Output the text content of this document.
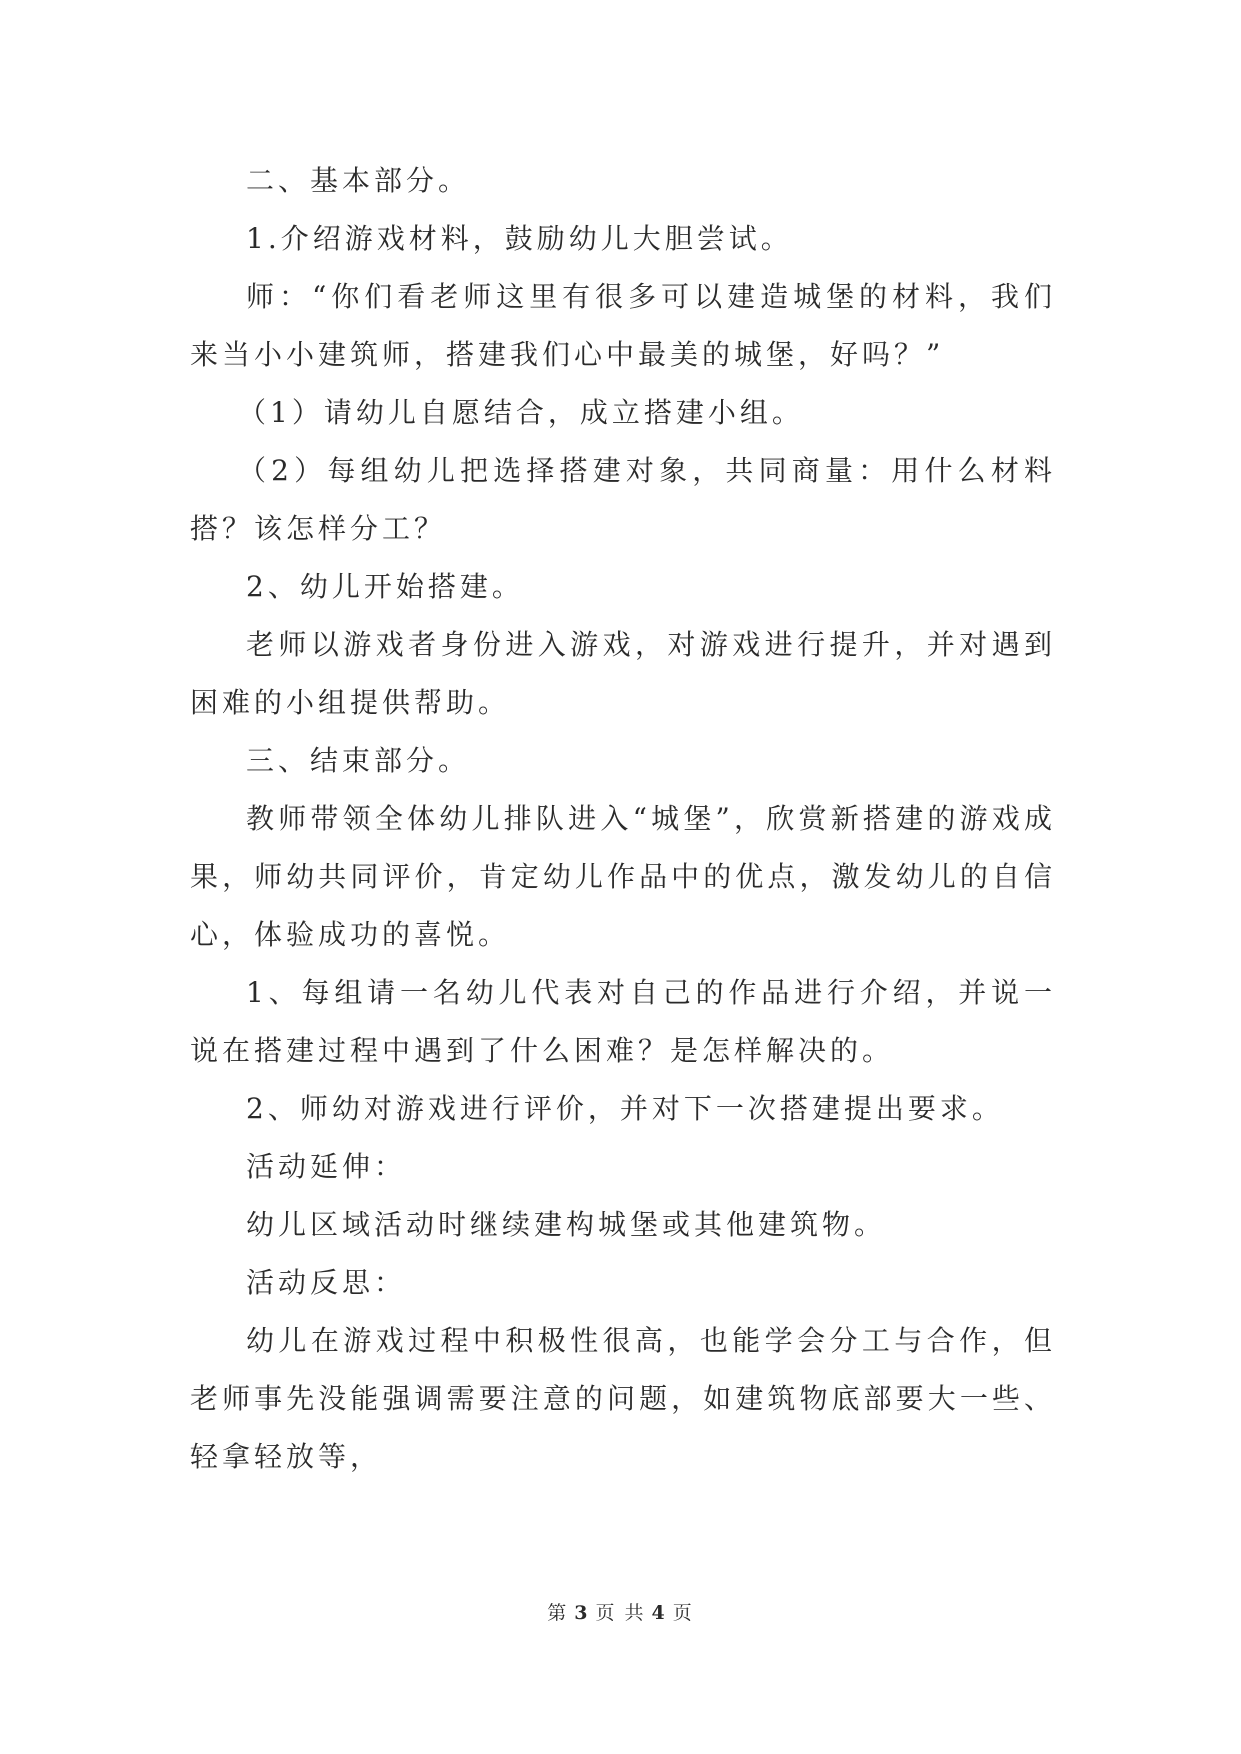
二、基本部分。

1.介绍游戏材料，鼓励幼儿大胆尝试。

师：“你们看老师这里有很多可以建造城堡的材料，我们来当小小建筑师，搭建我们心中最美的城堡，好吗？”

（1）请幼儿自愿结合，成立搭建小组。

（2）每组幼儿把选择搭建对象，共同商量：用什么材料搭？该怎样分工？

2、幼儿开始搭建。

老师以游戏者身份进入游戏，对游戏进行提升，并对遇到困难的小组提供帮助。

三、结束部分。

教师带领全体幼儿排队进入“城堡”，欣赏新搭建的游戏成果，师幼共同评价，肯定幼儿作品中的优点，激发幼儿的自信心，体验成功的喜悦。

1、每组请一名幼儿代表对自己的作品进行介绍，并说一说在搭建过程中遇到了什么困难？是怎样解决的。

2、师幼对游戏进行评价，并对下一次搭建提出要求。

活动延伸：

幼儿区域活动时继续建构城堡或其他建筑物。

活动反思：

幼儿在游戏过程中积极性很高，也能学会分工与合作，但老师事先没能强调需要注意的问题，如建筑物底部要大一些、轻拿轻放等，

第 3 页 共 4 页
